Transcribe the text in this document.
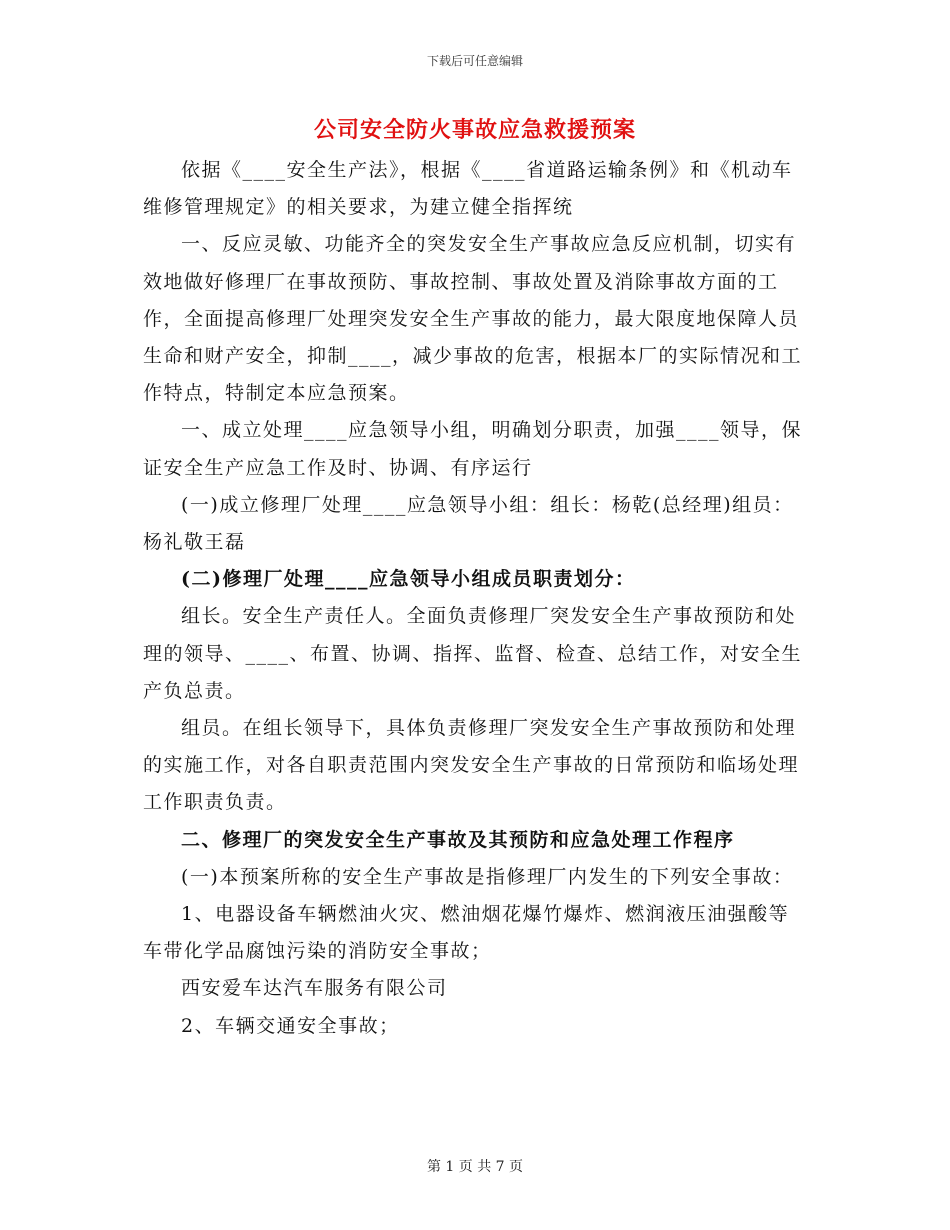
下载后可任意编辑
公司安全防火事故应急救援预案

依据《____安全生产法》，根据《____省道路运输条例》和《机动车维修管理规定》的相关要求，为建立健全指挥统

一、反应灵敏、功能齐全的突发安全生产事故应急反应机制，切实有效地做好修理厂在事故预防、事故控制、事故处置及消除事故方面的工作，全面提高修理厂处理突发安全生产事故的能力，最大限度地保障人员生命和财产安全，抑制____，减少事故的危害，根据本厂的实际情况和工作特点，特制定本应急预案。

一、成立处理____应急领导小组，明确划分职责，加强____领导，保证安全生产应急工作及时、协调、有序运行

(一)成立修理厂处理____应急领导小组：组长：杨乾(总经理)组员：杨礼敬王磊

(二)修理厂处理____应急领导小组成员职责划分：

组长。安全生产责任人。全面负责修理厂突发安全生产事故预防和处理的领导、____、布置、协调、指挥、监督、检查、总结工作，对安全生产负总责。

组员。在组长领导下，具体负责修理厂突发安全生产事故预防和处理的实施工作，对各自职责范围内突发安全生产事故的日常预防和临场处理工作职责负责。

二、修理厂的突发安全生产事故及其预防和应急处理工作程序

(一)本预案所称的安全生产事故是指修理厂内发生的下列安全事故：

1、电器设备车辆燃油火灾、燃油烟花爆竹爆炸、燃润液压油强酸等车带化学品腐蚀污染的消防安全事故；

西安爱车达汽车服务有限公司

2、车辆交通安全事故；

第 1 页 共 7 页
